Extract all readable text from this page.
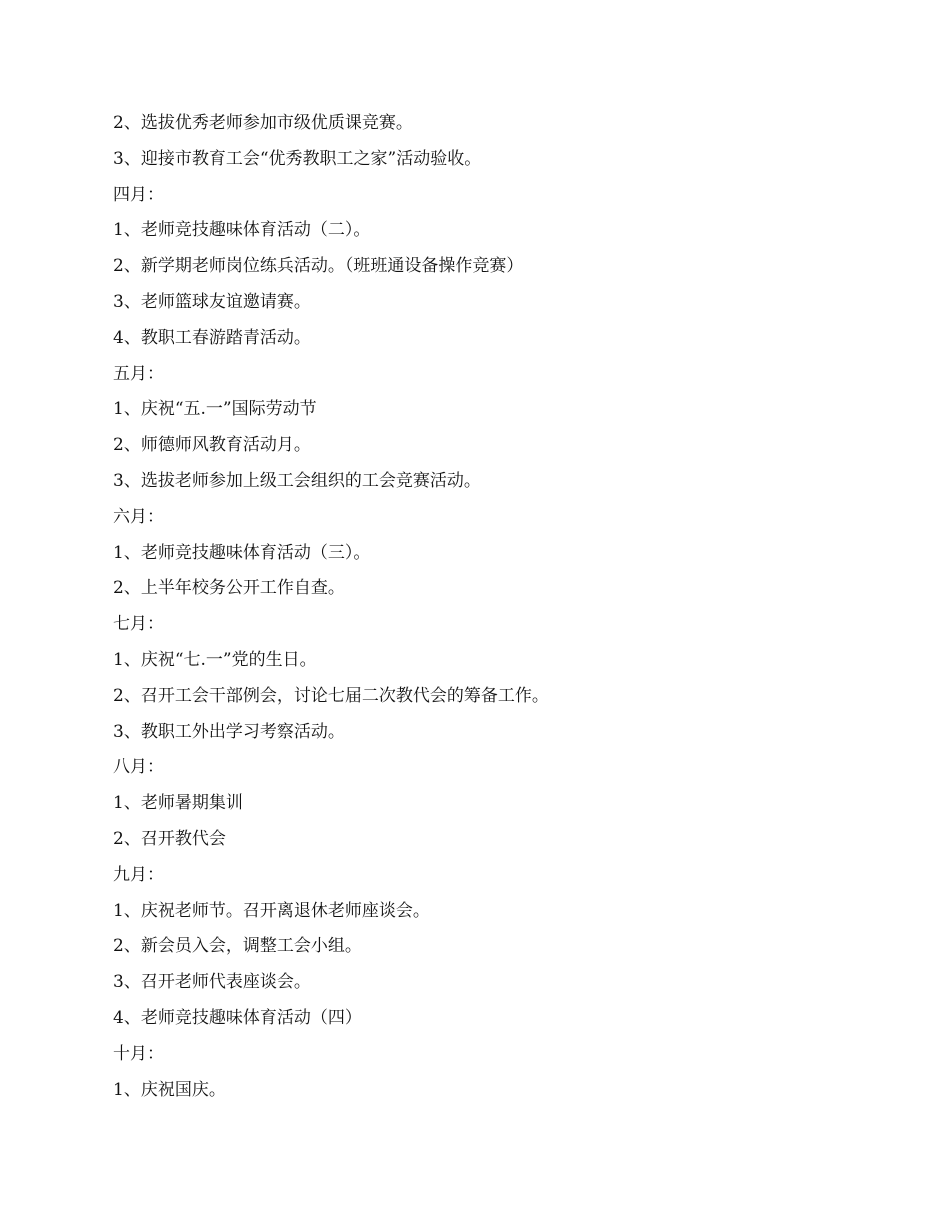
2、选拔优秀老师参加市级优质课竞赛。
3、迎接市教育工会“优秀教职工之家”活动验收。
四月：
1、老师竞技趣味体育活动（二）。
2、新学期老师岗位练兵活动。（班班通设备操作竞赛）
3、老师篮球友谊邀请赛。
4、教职工春游踏青活动。
五月：
1、庆祝“五.一”国际劳动节
2、师德师风教育活动月。
3、选拔老师参加上级工会组织的工会竞赛活动。
六月：
1、老师竞技趣味体育活动（三）。
2、上半年校务公开工作自查。
七月：
1、庆祝“七.一”党的生日。
2、召开工会干部例会，讨论七届二次教代会的筹备工作。
3、教职工外出学习考察活动。
八月：
1、老师暑期集训
2、召开教代会
九月：
1、庆祝老师节。召开离退休老师座谈会。
2、新会员入会，调整工会小组。
3、召开老师代表座谈会。
4、老师竞技趣味体育活动（四）
十月：
1、庆祝国庆。
